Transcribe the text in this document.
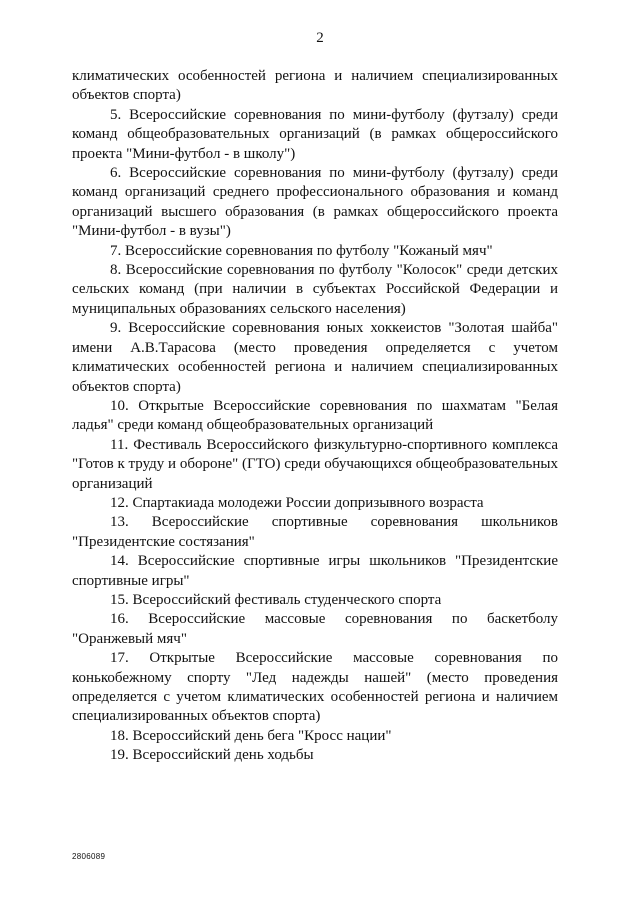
2

климатических особенностей региона и наличием специализированных объектов спорта)

5. Всероссийские соревнования по мини-футболу (футзалу) среди команд общеобразовательных организаций (в рамках общероссийского проекта "Мини-футбол - в школу")

6. Всероссийские соревнования по мини-футболу (футзалу) среди команд организаций среднего профессионального образования и команд организаций высшего образования (в рамках общероссийского проекта "Мини-футбол - в вузы")

7. Всероссийские соревнования по футболу "Кожаный мяч"

8. Всероссийские соревнования по футболу "Колосок" среди детских сельских команд (при наличии в субъектах Российской Федерации и муниципальных образованиях сельского населения)

9. Всероссийские соревнования юных хоккеистов "Золотая шайба" имени А.В.Тарасова (место проведения определяется с учетом климатических особенностей региона и наличием специализированных объектов спорта)

10. Открытые Всероссийские соревнования по шахматам "Белая ладья" среди команд общеобразовательных организаций

11. Фестиваль Всероссийского физкультурно-спортивного комплекса "Готов к труду и обороне" (ГТО) среди обучающихся общеобразовательных организаций

12. Спартакиада молодежи России допризывного возраста

13. Всероссийские спортивные соревнования школьников "Президентские состязания"

14. Всероссийские спортивные игры школьников "Президентские спортивные игры"

15. Всероссийский фестиваль студенческого спорта

16. Всероссийские массовые соревнования по баскетболу "Оранжевый мяч"

17. Открытые Всероссийские массовые соревнования по конькобежному спорту "Лед надежды нашей" (место проведения определяется с учетом климатических особенностей региона и наличием специализированных объектов спорта)

18. Всероссийский день бега "Кросс нации"

19. Всероссийский день ходьбы

2806089
